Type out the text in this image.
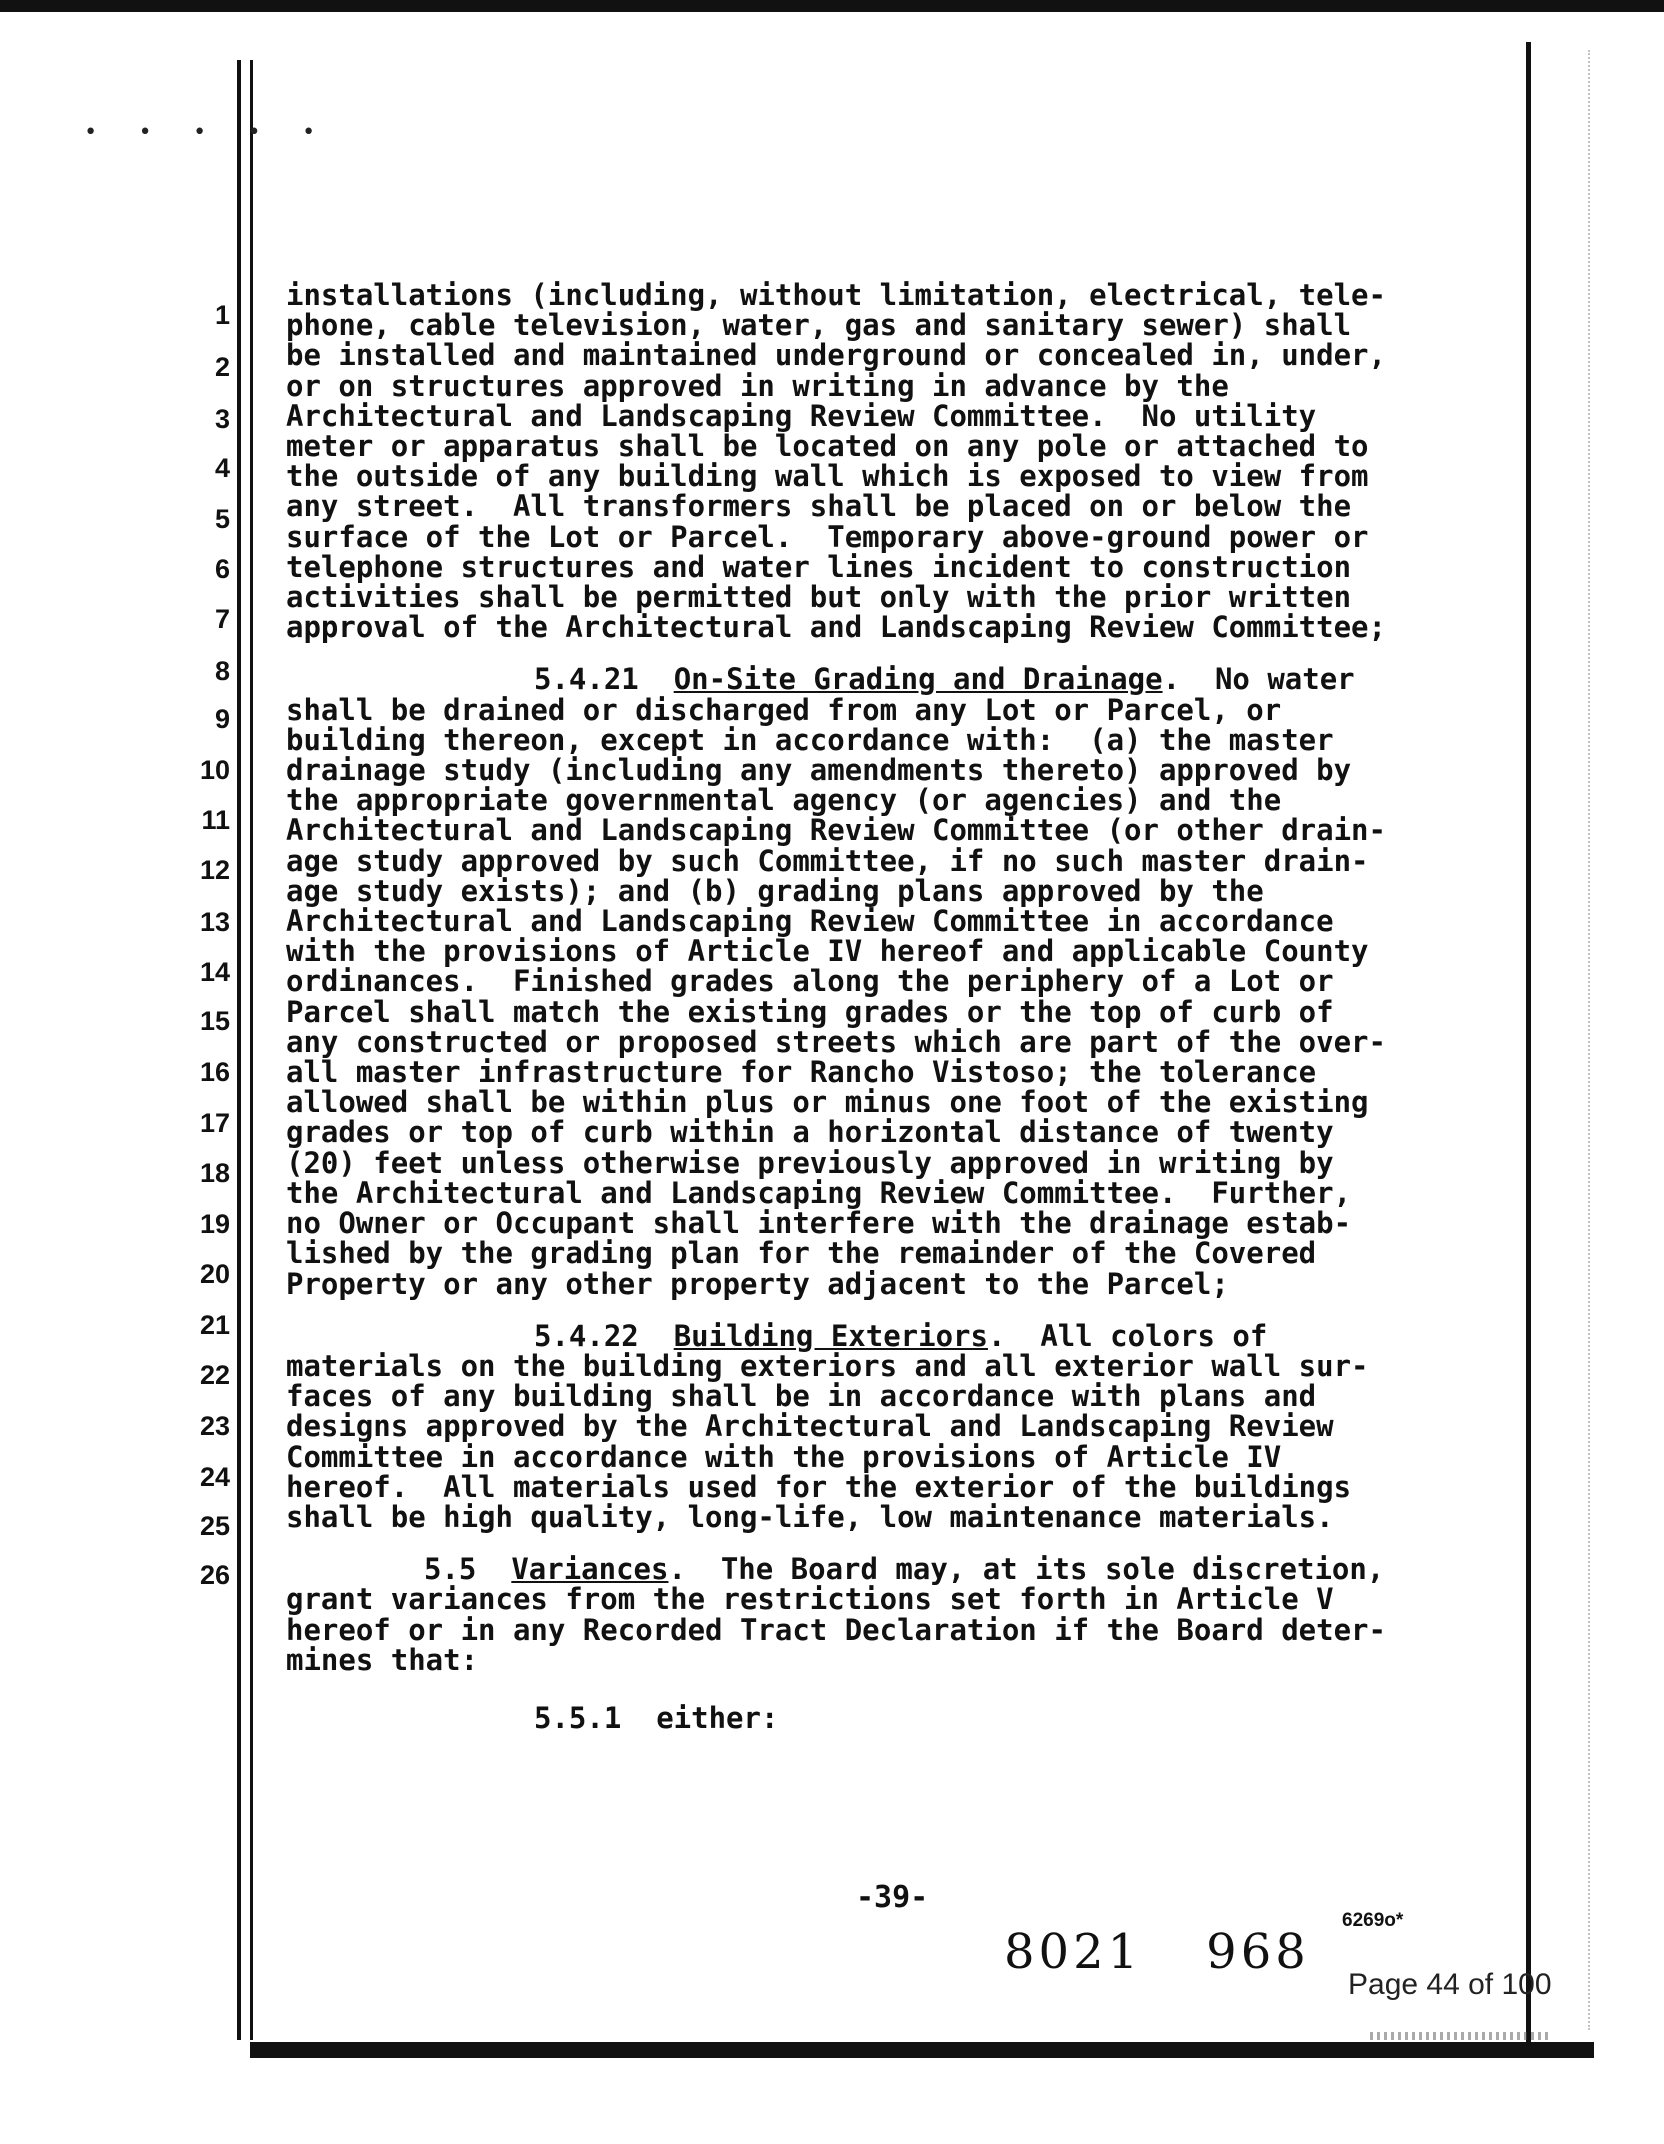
• • • • •
1
2
3
4
5
6
7
8
9
10
11
12
13
14
15
16
17
18
19
20
21
22
23
24
25
26
installations (including, without limitation, electrical, tele-
phone, cable television, water, gas and sanitary sewer) shall
be installed and maintained underground or concealed in, under,
or on structures approved in writing in advance by the
Architectural and Landscaping Review Committee.  No utility
meter or apparatus shall be located on any pole or attached to
the outside of any building wall which is exposed to view from
any street.  All transformers shall be placed on or below the
surface of the Lot or Parcel.  Temporary above-ground power or
telephone structures and water lines incident to construction
activities shall be permitted but only with the prior written
approval of the Architectural and Landscaping Review Committee;
5.4.21 On-Site Grading and Drainage.  No water
shall be drained or discharged from any Lot or Parcel, or
building thereon, except in accordance with:  (a) the master
drainage study (including any amendments thereto) approved by
the appropriate governmental agency (or agencies) and the
Architectural and Landscaping Review Committee (or other drain-
age study approved by such Committee, if no such master drain-
age study exists); and (b) grading plans approved by the
Architectural and Landscaping Review Committee in accordance
with the provisions of Article IV hereof and applicable County
ordinances.  Finished grades along the periphery of a Lot or
Parcel shall match the existing grades or the top of curb of
any constructed or proposed streets which are part of the over-
all master infrastructure for Rancho Vistoso; the tolerance
allowed shall be within plus or minus one foot of the existing
grades or top of curb within a horizontal distance of twenty
(20) feet unless otherwise previously approved in writing by
the Architectural and Landscaping Review Committee.  Further,
no Owner or Occupant shall interfere with the drainage estab-
lished by the grading plan for the remainder of the Covered
Property or any other property adjacent to the Parcel;
5.4.22 Building Exteriors.  All colors of
materials on the building exteriors and all exterior wall sur-
faces of any building shall be in accordance with plans and
designs approved by the Architectural and Landscaping Review
Committee in accordance with the provisions of Article IV
hereof.  All materials used for the exterior of the buildings
shall be high quality, long-life, low maintenance materials.
5.5 Variances.  The Board may, at its sole discretion,
grant variances from the restrictions set forth in Article V
hereof or in any Recorded Tract Declaration if the Board deter-
mines that:
5.5.1  either:
-39-
6269o*
8021 968
Page 44 of 100
